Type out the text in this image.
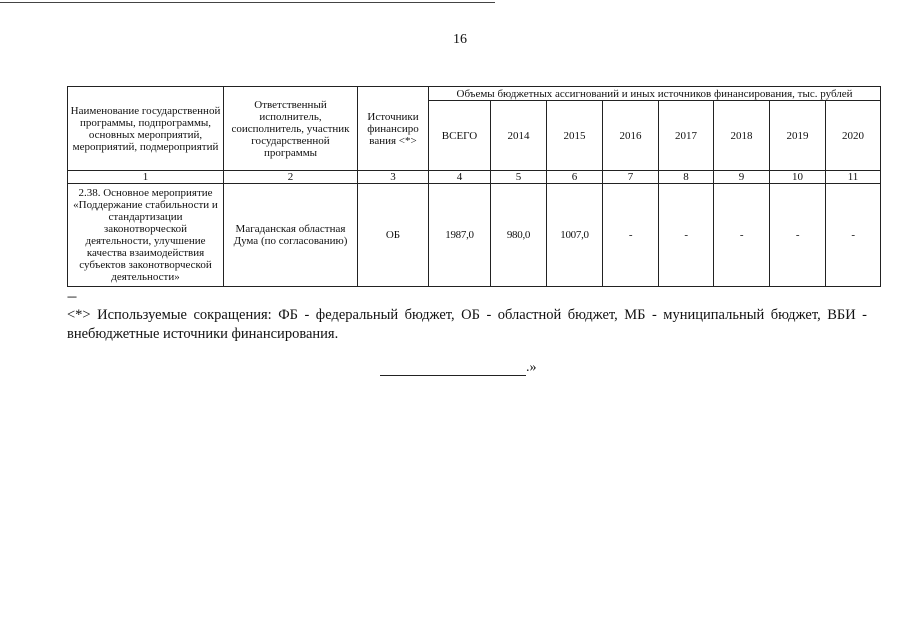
16
Наименование государственной программы, подпрограммы, основных мероприятий, мероприятий, подмероприятий	Ответственный исполнитель, соисполнитель, участник государственной программы	Источники финансиро вания <*>	Объемы бюджетных ассигнований и иных источников финансирования, тыс. рублей							
			ВСЕГО	2014	2015	2016	2017	2018	2019	2020
1	2	3	4	5	6	7	8	9	10	11
2.38. Основное мероприятие «Поддержание стабильности и стандартизации законотворческой деятельности, улучшение качества взаимодействия субъектов законотворческой деятельности»	Магаданская областная Дума (по согласованию)	ОБ	1987,0	980,0	1007,0	-	-	-	-	-
---
<*> Используемые сокращения: ФБ - федеральный бюджет, ОБ - областной бюджет, МБ - муниципальный бюджет, ВБИ - внебюджетные источники финансирования.
.»
